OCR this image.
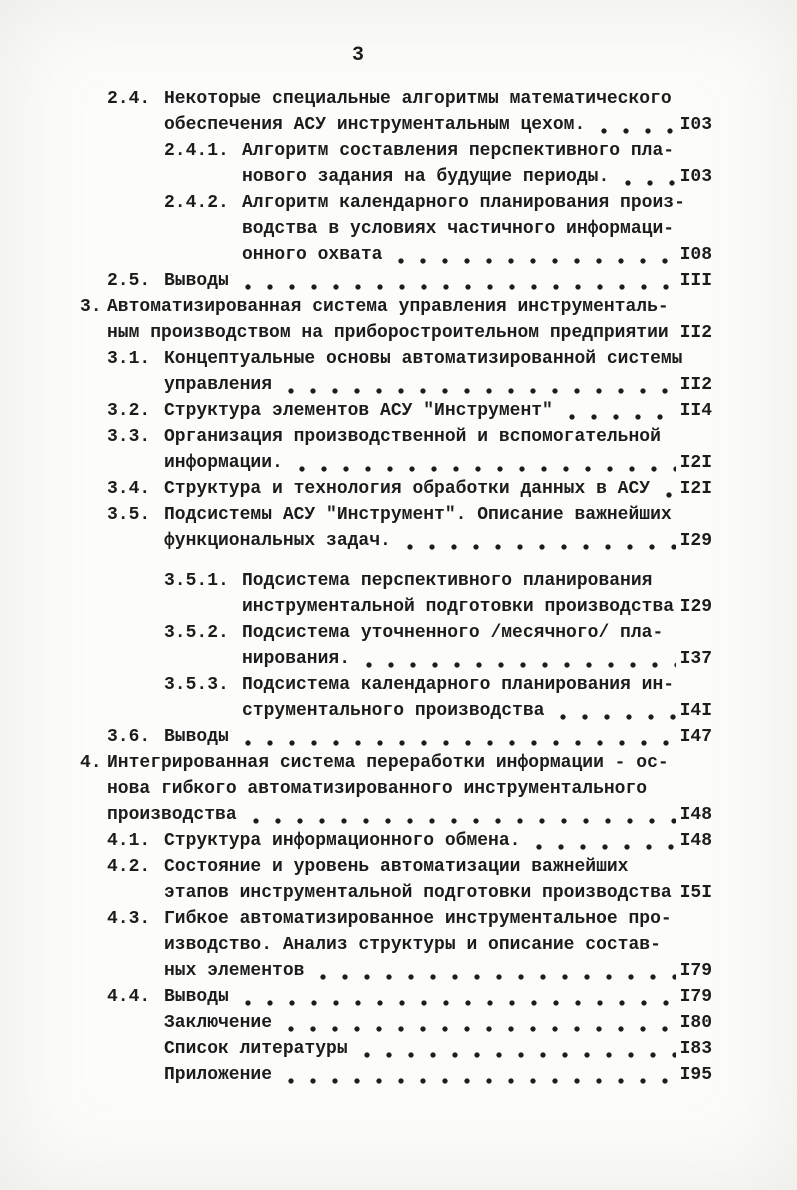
3
2.4. Некоторые специальные алгоритмы математического
обеспечения АСУ инструментальным цехом.	I03
2.4.1. Алгоритм составления перспективного пла-
нового задания на будущие периоды.	I03
2.4.2. Алгоритм календарного планирования произ-
водства в условиях частичного информаци-
онного охвата	I08
2.5. Выводы	III
3. Автоматизированная система управления инструменталь-
ным производством на приборостроительном предприятии II2
3.1. Концептуальные основы автоматизированной системы
управления	II2
3.2. Структура элементов АСУ "Инструмент"	II4
3.3. Организация производственной и вспомогательной
информации.	I2I
3.4. Структура и технология обработки данных в АСУ I2I
3.5. Подсистемы АСУ "Инструмент". Описание важнейших
функциональных задач.	I29
3.5.1. Подсистема перспективного планирования
инструментальной подготовки производства I29
3.5.2. Подсистема уточненного /месячного/ пла-
нирования.	I37
3.5.3. Подсистема календарного планирования ин-
струментального производства	I4I
3.6. Выводы	I47
4. Интегрированная система переработки информации - ос-
нова гибкого автоматизированного инструментального
производства	I48
4.1. Структура информационного обмена.	I48
4.2. Состояние и уровень автоматизации важнейших
этапов инструментальной подготовки производства I5I
4.3. Гибкое автоматизированное инструментальное про-
изводство. Анализ структуры и описание состав-
ных элементов	I79
4.4. Выводы	I79
Заключение	I80
Список литературы	I83
Приложение	I95
